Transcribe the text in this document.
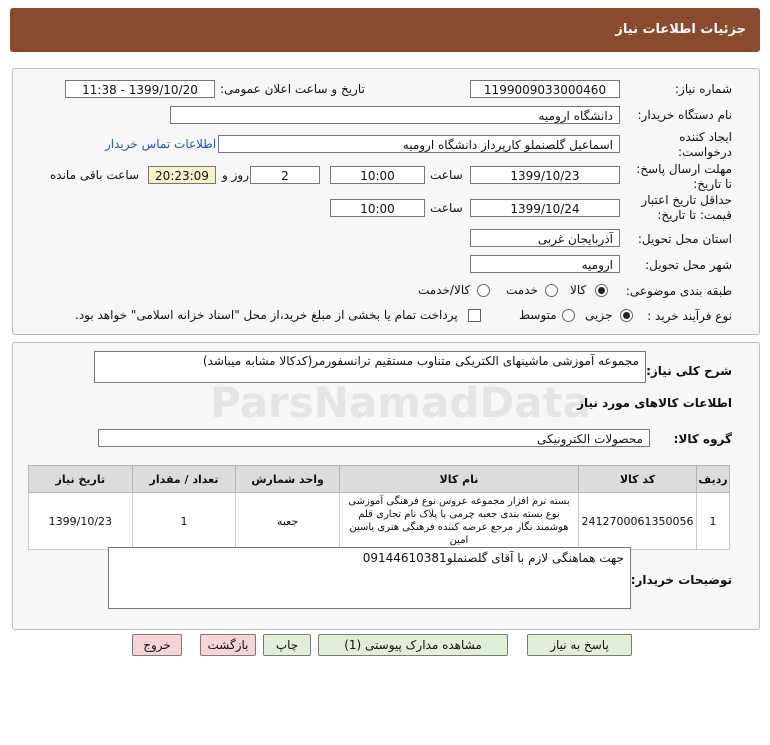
جزئیات اطلاعات نیاز
شماره نیاز:
1199009033000460
تاریخ و ساعت اعلان عمومی:
1399/10/20 - 11:38
نام دستگاه خریدار:
دانشگاه ارومیه
ایجاد کننده
درخواست:
اسماعیل گلصنملو کارپرداز دانشگاه ارومیه
اطلاعات تماس خریدار
مهلت ارسال پاسخ:
تا تاریخ:
1399/10/23
ساعت
10:00
2
روز و
20:23:09
ساعت باقی مانده
حداقل تاریخ اعتبار
قیمت: تا تاریخ:
1399/10/24
ساعت
10:00
استان محل تحویل:
آذربایجان غربی
شهر محل تحویل:
ارومیه
طبقه بندی موضوعی:
کالا
خدمت
کالا/خدمت
نوع فرآیند خرید :
جزیی
متوسط
پرداخت تمام یا بخشی از مبلغ خرید،از محل "اسناد خزانه اسلامی" خواهد بود.
شرح کلی نیاز:
مجموعه آموزشی ماشینهای الکتریکی متناوب مستقیم ترانسفورمر(کدکالا مشابه میباشد)
اطلاعات کالاهای مورد نیاز
گروه کالا:
محصولات الکترونیکی
ردیف	کد کالا	نام کالا	واحد شمارش	تعداد / مقدار	تاریخ نیاز
1	2412700061350056	بسته نرم افزار مجموعه عروس نوع فرهنگی آموزشی نوع بسته بندی جعبه چرمی با پلاک نام تجاری قلم هوشمند نگار مرجع عرضه کننده فرهنگی هنری یاسین امین	جعبه	1	1399/10/23
توضیحات خریدار:
جهت هماهنگی لازم با آقای گلصنملو09144610381
پاسخ به نیاز
مشاهده مدارک پیوستی (1)
چاپ
بازگشت
خروج
